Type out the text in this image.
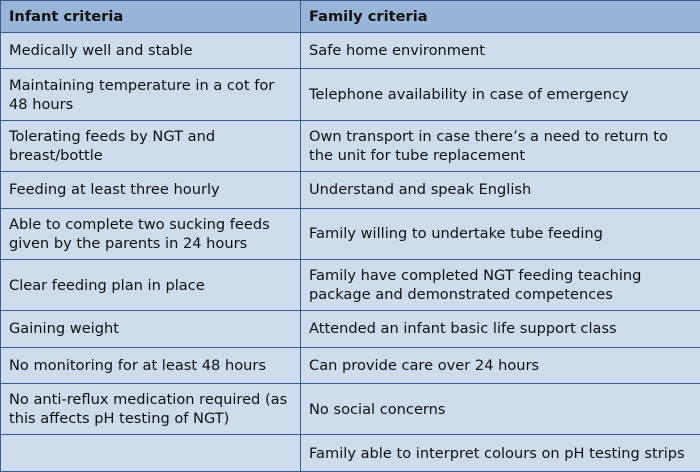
Infant criteria	Family criteria
Medically well and stable	Safe home environment
Maintaining temperature in a cot for 48 hours	Telephone availability in case of emergency
Tolerating feeds by NGT and breast/bottle	Own transport in case there’s a need to return to the unit for tube replacement
Feeding at least three hourly	Understand and speak English
Able to complete two sucking feeds given by the parents in 24 hours	Family willing to undertake tube feeding
Clear feeding plan in place	Family have completed NGT feeding teaching package and demonstrated competences
Gaining weight	Attended an infant basic life support class
No monitoring for at least 48 hours	Can provide care over 24 hours
No anti-reflux medication required (as this affects pH testing of NGT)	No social concerns
	Family able to interpret colours on pH testing strips
